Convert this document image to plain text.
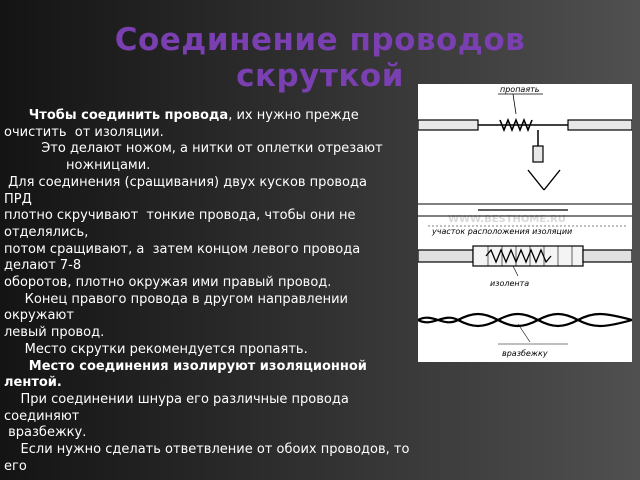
Соединение проводов скруткой

Чтобы соединить провода, их нужно прежде

очистить  от изоляции.

Это делают ножом, а нитки от оплетки отрезают

ножницами.

Для соединения (сращивания) двух кусков провода

ПРД

плотно скручивают  тонкие провода, чтобы они не

отделялись,

потом сращивают, а  затем концом левого провода

делают 7-8

оборотов, плотно окружая ими правый провод.

Конец правого провода в другом направлении

окружают

левый провод.

Место скрутки рекомендуется пропаять.

Место соединения изолируют изоляционной

лентой.

При соединении шнура его различные провода

соединяют

вразбежку.

Если нужно сделать ответвление от обоих проводов, то

его

WWW.BESTHOME.RU
пропаять
участок расположения изоляции
изолента
вразбежку
